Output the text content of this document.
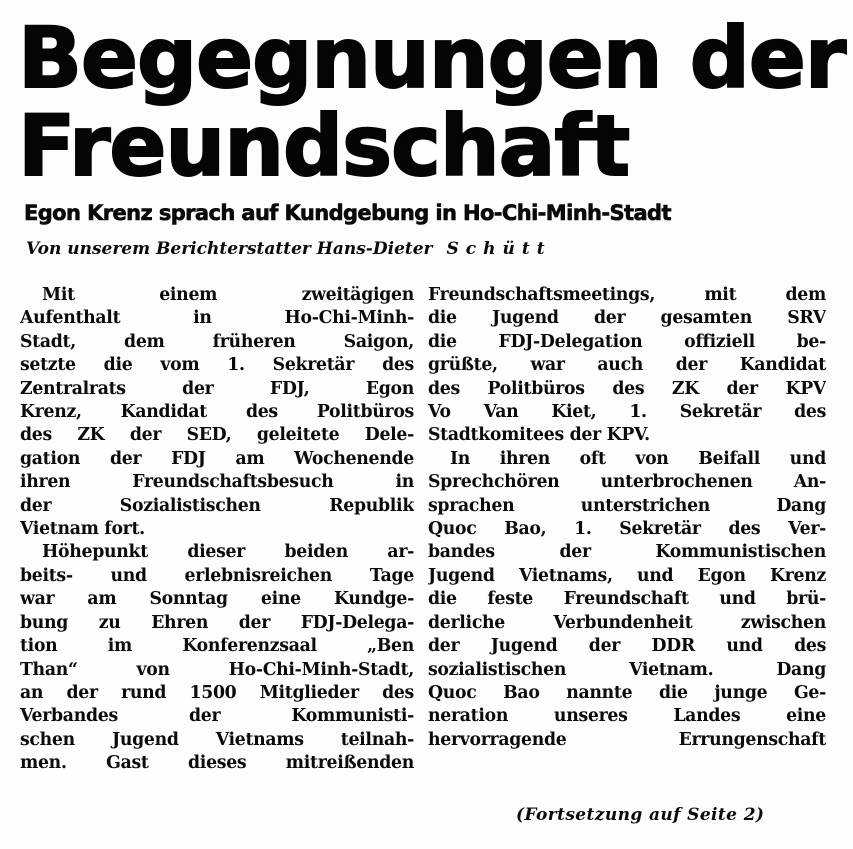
Begegnungen der
Freundschaft
Egon Krenz sprach auf Kundgebung in Ho-Chi-Minh-Stadt

Von unserem Berichterstatter Hans-Dieter Schütt

Mit einem zweitägigen
Aufenthalt in Ho-Chi-Minh-
Stadt, dem früheren Saigon,
setzte die vom 1. Sekretär des
Zentralrats der FDJ, Egon
Krenz, Kandidat des Politbüros
des ZK der SED, geleitete Dele-
gation der FDJ am Wochenende
ihren Freundschaftsbesuch in
der Sozialistischen Republik
Vietnam fort.
Höhepunkt dieser beiden ar-
beits- und erlebnisreichen Tage
war am Sonntag eine Kundge-
bung zu Ehren der FDJ-Delega-
tion im Konferenzsaal „Ben
Than“ von Ho-Chi-Minh-Stadt,
an der rund 1500 Mitglieder des
Verbandes der Kommunisti-
schen Jugend Vietnams teilnah-
men. Gast dieses mitreißenden
Freundschaftsmeetings, mit dem
die Jugend der gesamten SRV
die FDJ-Delegation offiziell be-
grüßte, war auch der Kandidat
des Politbüros des ZK der KPV
Vo Van Kiet, 1. Sekretär des
Stadtkomitees der KPV.
In ihren oft von Beifall und
Sprechchören unterbrochenen An-
sprachen unterstrichen Dang
Quoc Bao, 1. Sekretär des Ver-
bandes der Kommunistischen
Jugend Vietnams, und Egon Krenz
die feste Freundschaft und brü-
derliche Verbundenheit zwischen
der Jugend der DDR und des
sozialistischen Vietnam. Dang
Quoc Bao nannte die junge Ge-
neration unseres Landes eine
hervorragende Errungenschaft
(Fortsetzung auf Seite 2)
